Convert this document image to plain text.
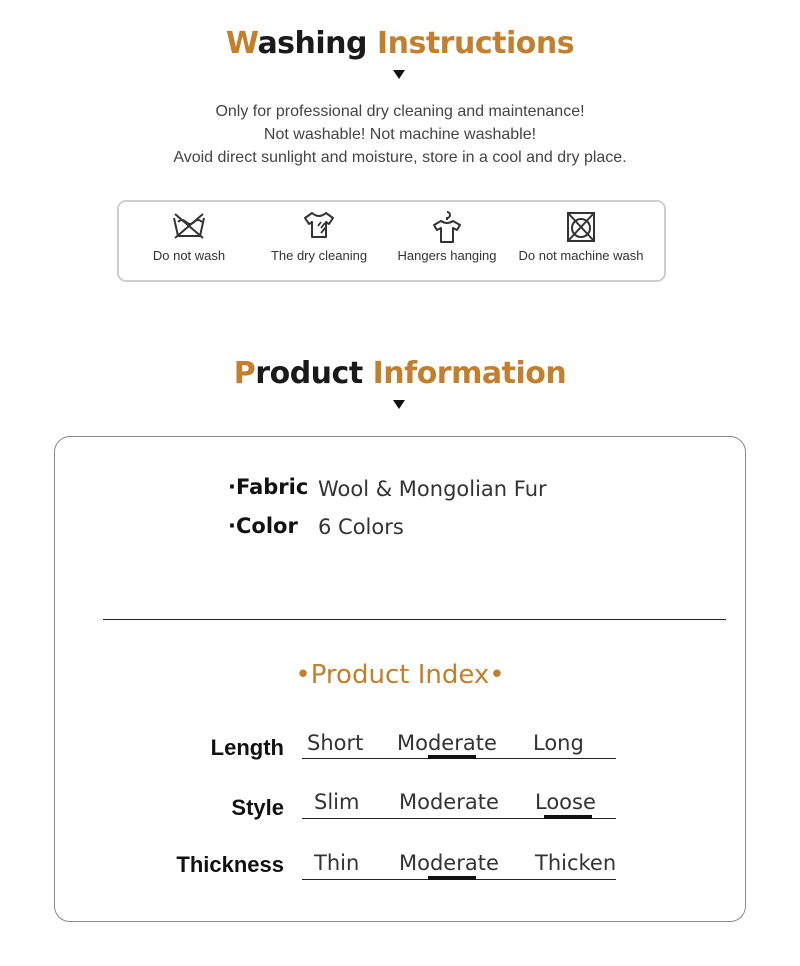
Washing Instructions
Only for professional dry cleaning and maintenance!
Not washable! Not machine washable!
Avoid direct sunlight and moisture, store in a cool and dry place.
Do not wash	The dry cleaning	Hangers hanging	Do not machine wash
Product Information
·Fabric Wool & Mongolian Fur
·Color 6 Colors
•Product Index•
Length Short Moderate Long
Style Slim Moderate Loose
Thickness Thin Moderate Thicken
